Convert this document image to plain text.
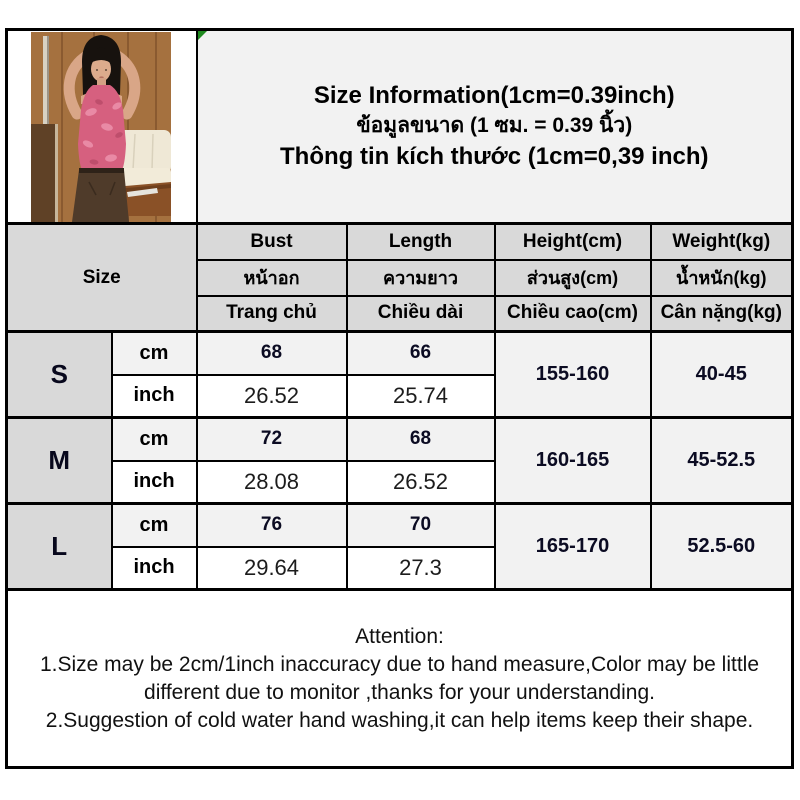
Size Information(1cm=0.39inch)
ข้อมูลขนาด (1 ซม. = 0.39 นิ้ว)
Thông tin kích thước (1cm=0,39 inch)			

Size		Bust	Length	Height(cm)	Weight(kg)
		หน้าอก	ความยาว	ส่วนสูง(cm)	น้ำหนัก(kg)
		Trang chủ	Chiều dài	Chiều cao(cm)	Cân nặng(kg)
S	cm	68	66	155-160	40-45
	inch	26.52	25.74		
M	cm	72	68	160-165	45-52.5
	inch	28.08	26.52		
L	cm	76	70	165-170	52.5-60
	inch	29.64	27.3		

Attention:
1.Size may be 2cm/1inch inaccuracy due to hand measure,Color may be little different due to monitor ,thanks for your understanding.
2.Suggestion of cold water hand washing,it can help items keep their shape.					
